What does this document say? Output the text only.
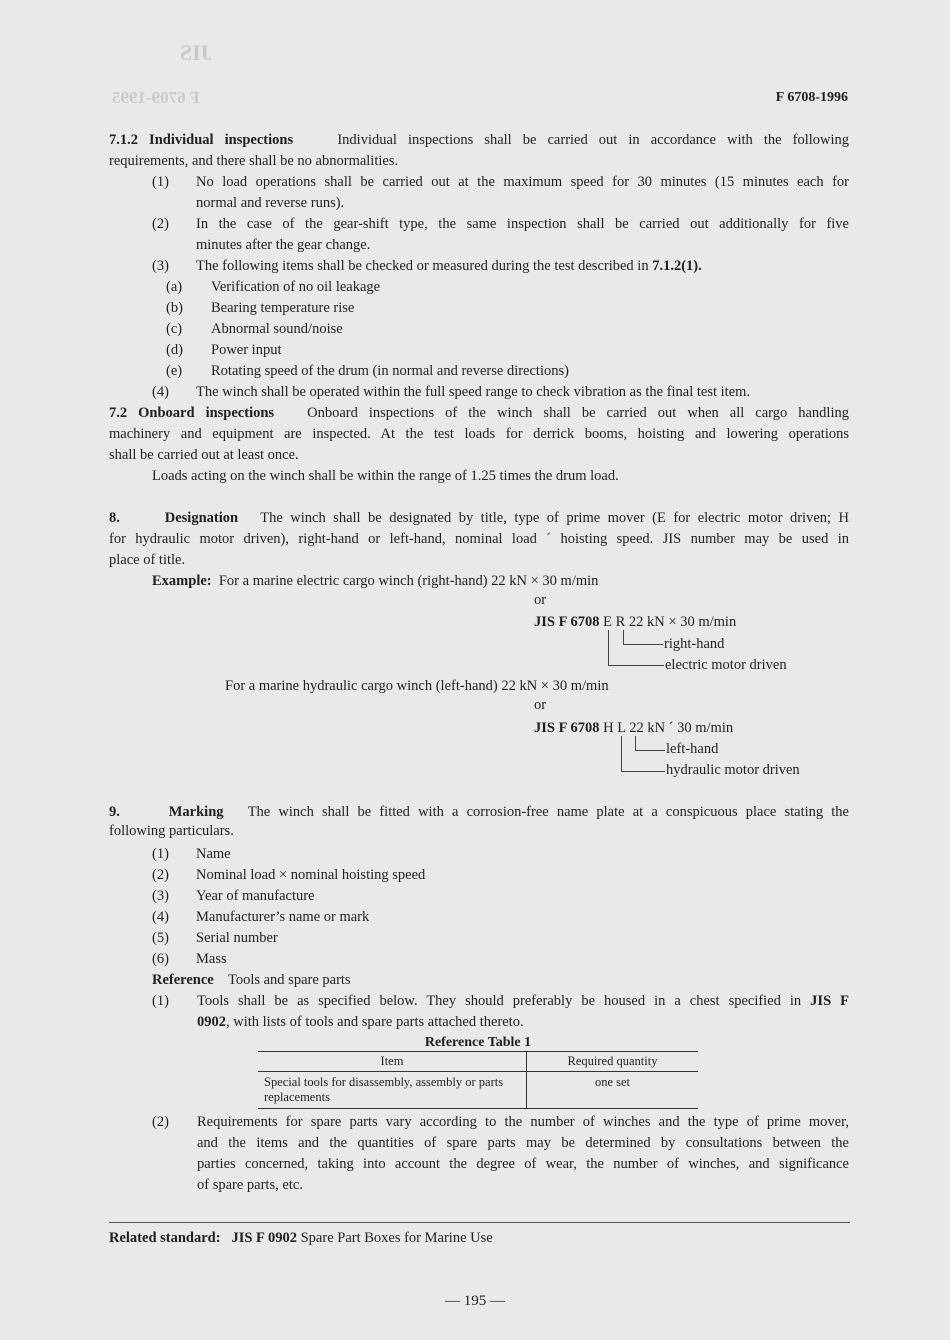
JIS
F 6709-1995	F 6708-1996
7.1.2 Individual inspections	Individual inspections shall be carried out in accordance with the following
requirements, and there shall be no abnormalities.
(1) No load operations shall be carried out at the maximum speed for 30 minutes (15 minutes each for
normal and reverse runs).
(2) In the case of the gear-shift type, the same inspection shall be carried out additionally for five
minutes after the gear change.
(3) The following items shall be checked or measured during the test described in 7.1.2(1).
(a) Verification of no oil leakage
(b) Bearing temperature rise
(c) Abnormal sound/noise
(d) Power input
(e) Rotating speed of the drum (in normal and reverse directions)
(4) The winch shall be operated within the full speed range to check vibration as the final test item.
7.2 Onboard inspections Onboard inspections of the winch shall be carried out when all cargo handling
machinery and equipment are inspected. At the test loads for derrick booms, hoisting and lowering operations
shall be carried out at least once.
Loads acting on the winch shall be within the range of 1.25 times the drum load.
8.      Designation The winch shall be designated by title, type of prime mover (E for electric motor driven; H
for hydraulic motor driven), right-hand or left-hand, nominal load ´ hoisting speed. JIS number may be used in
place of title.
Example: For a marine electric cargo winch (right-hand) 22 kN × 30 m/min
or
JIS F 6708 E R 22 kN × 30 m/min
right-hand
electric motor driven
For a marine hydraulic cargo winch (left-hand) 22 kN × 30 m/min
or
JIS F 6708 H L 22 kN ´ 30 m/min
left-hand
hydraulic motor driven
9.      Marking The winch shall be fitted with a corrosion-free name plate at a conspicuous place stating the
following particulars.
(1) Name
(2) Nominal load × nominal hoisting speed
(3) Year of manufacture
(4) Manufacturer’s name or mark
(5) Serial number
(6) Mass
Reference Tools and spare parts
(1) Tools shall be as specified below. They should preferably be housed in a chest specified in JIS F
0902, with lists of tools and spare parts attached thereto.
Reference Table 1
Item	Required quantity
Special tools for disassembly, assembly or parts replacements	one set
(2) Requirements for spare parts vary according to the number of winches and the type of prime mover,
and the items and the quantities of spare parts may be determined by consultations between the
parties concerned, taking into account the degree of wear, the number of winches, and significance
of spare parts, etc.
Related standard: JIS F 0902 Spare Part Boxes for Marine Use
— 195 —
